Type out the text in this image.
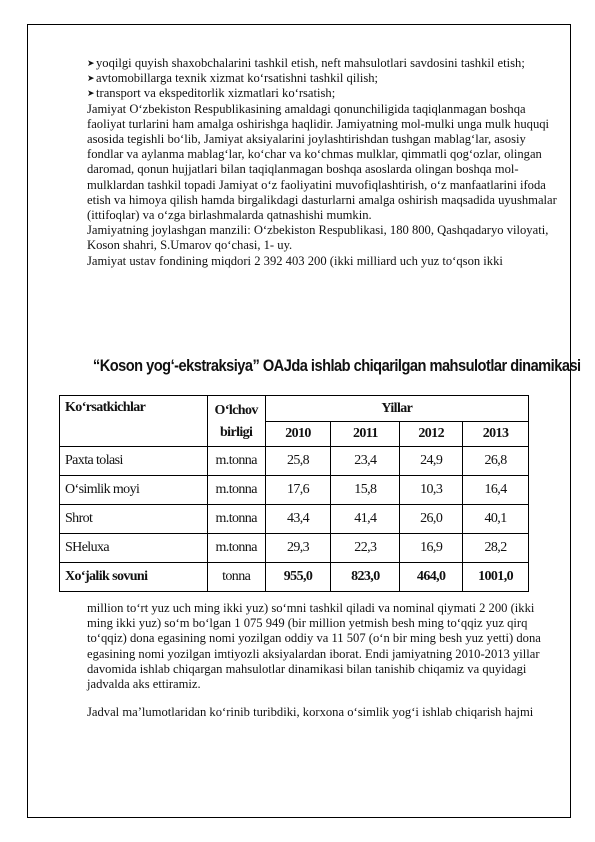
➤ yoqilgi quyish shaxobchalarini tashkil etish, neft mahsulotlari savdosini tashkil etish;

➤ avtomobillarga texnik xizmat ko‘rsatishni tashkil qilish;

➤ transport va ekspeditorlik xizmatlari ko‘rsatish;

Jamiyat O‘zbekiston Respublikasining amaldagi qonunchiligida taqiqlanmagan boshqa faoliyat turlarini ham amalga oshirishga haqlidir. Jamiyatning mol-mulki unga mulk huquqi asosida tegishli bo‘lib, Jamiyat aksiyalarini joylashtirishdan tushgan mablag‘lar, asosiy fondlar va aylanma mablag‘lar, ko‘char va ko‘chmas mulklar, qimmatli qog‘ozlar, olingan daromad, qonun hujjatlari bilan taqiqlanmagan boshqa asoslarda olingan boshqa mol-mulklardan tashkil topadi Jamiyat o‘z faoliyatini muvofiqlashtirish, o‘z manfaatlarini ifoda etish va himoya qilish hamda birgalikdagi dasturlarni amalga oshirish maqsadida uyushmalar (ittifoqlar) va o‘zga birlashmalarda qatnashishi mumkin.

Jamiyatning joylashgan manzili: O‘zbekiston Respublikasi, 180 800, Qashqadaryo viloyati, Koson shahri, S.Umarov qo‘chasi, 1- uy.

Jamiyat ustav fondining miqdori 2 392 403 200 (ikki milliard uch yuz to‘qson ikki

“Koson yog‘-ekstraksiya” OAJda ishlab chiqarilgan mahsulotlar dinamikasi
Ko‘rsatkichlar	O‘lchov birligi	Yillar			
		2010	2011	2012	2013
Paxta tolasi	m.tonna	25,8	23,4	24,9	26,8
O‘simlik moyi	m.tonna	17,6	15,8	10,3	16,4
Shrot	m.tonna	43,4	41,4	26,0	40,1
SHeluxa	m.tonna	29,3	22,3	16,9	28,2
Xo‘jalik sovuni	tonna	955,0	823,0	464,0	1001,0

million to‘rt yuz uch ming ikki yuz) so‘mni tashkil qiladi va nominal qiymati 2 200 (ikki ming ikki yuz) so‘m bo‘lgan 1 075 949 (bir million yetmish besh ming to‘qqiz yuz qirq to‘qqiz) dona egasining nomi yozilgan oddiy va 11 507 (o‘n bir ming besh yuz yetti) dona egasining nomi yozilgan imtiyozli aksiyalardan iborat. Endi jamiyatning 2010-2013 yillar davomida ishlab chiqargan mahsulotlar dinamikasi bilan tanishib chiqamiz va quyidagi jadvalda aks ettiramiz.

Jadval ma’lumotlaridan ko‘rinib turibdiki, korxona o‘simlik yog‘i ishlab chiqarish hajmi
